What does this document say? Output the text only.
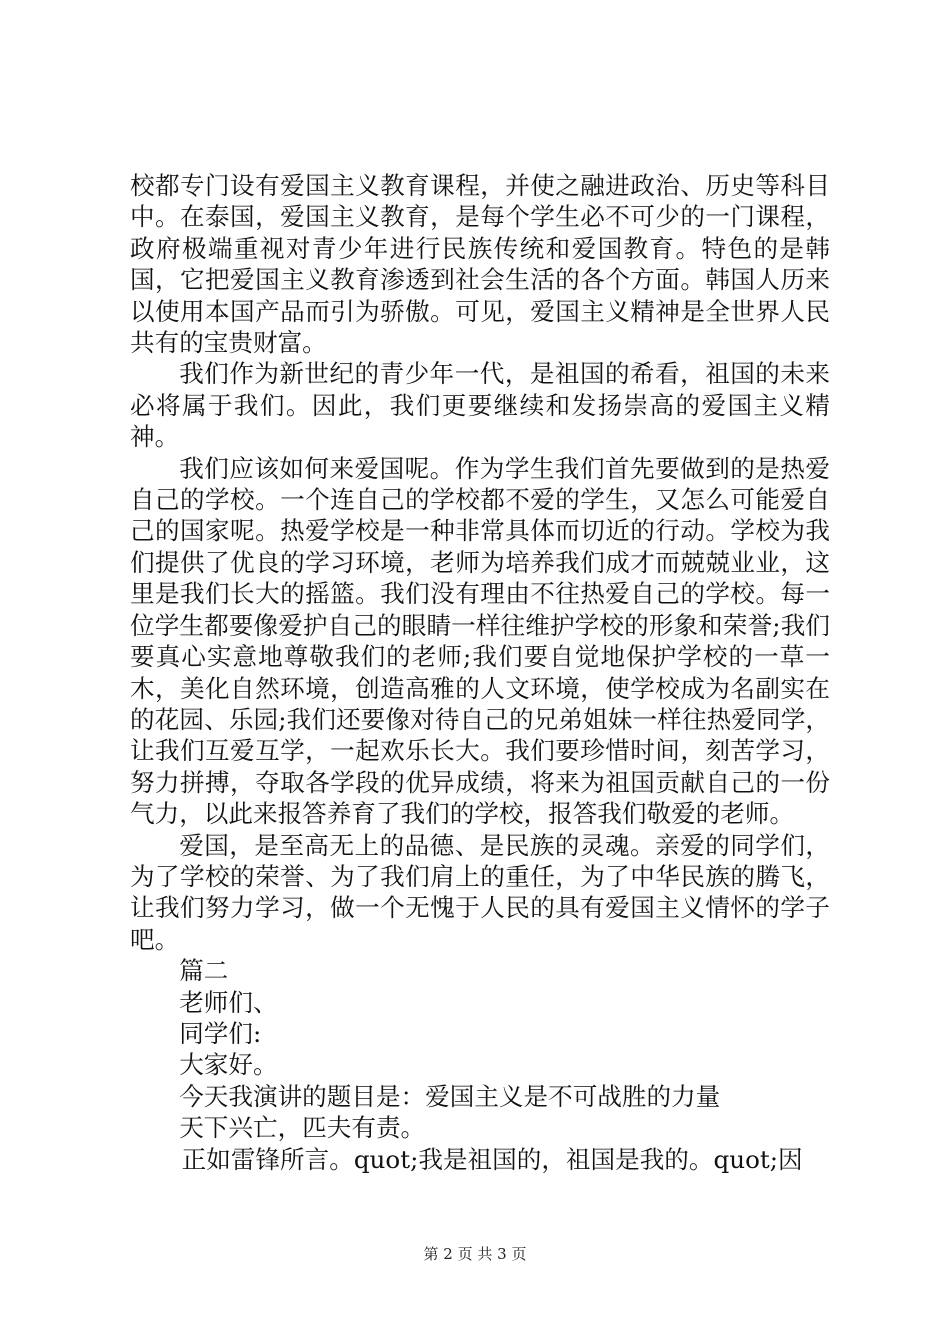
校都专门设有爱国主义教育课程，并使之融进政治、历史等科目中。在泰国，爱国主义教育，是每个学生必不可少的一门课程，政府极端重视对青少年进行民族传统和爱国教育。特色的是韩国，它把爱国主义教育渗透到社会生活的各个方面。韩国人历来以使用本国产品而引为骄傲。可见，爱国主义精神是全世界人民共有的宝贵财富。

我们作为新世纪的青少年一代，是祖国的希看，祖国的未来必将属于我们。因此，我们更要继续和发扬崇高的爱国主义精神。

我们应该如何来爱国呢。作为学生我们首先要做到的是热爱自己的学校。一个连自己的学校都不爱的学生，又怎么可能爱自己的国家呢。热爱学校是一种非常具体而切近的行动。学校为我们提供了优良的学习环境，老师为培养我们成才而兢兢业业，这里是我们长大的摇篮。我们没有理由不往热爱自己的学校。每一位学生都要像爱护自己的眼睛一样往维护学校的形象和荣誉;我们要真心实意地尊敬我们的老师;我们要自觉地保护学校的一草一木，美化自然环境，创造高雅的人文环境，使学校成为名副实在的花园、乐园;我们还要像对待自己的兄弟姐妹一样往热爱同学，让我们互爱互学，一起欢乐长大。我们要珍惜时间，刻苦学习，努力拼搏，夺取各学段的优异成绩，将来为祖国贡献自己的一份气力，以此来报答养育了我们的学校，报答我们敬爱的老师。

爱国，是至高无上的品德、是民族的灵魂。亲爱的同学们，为了学校的荣誉、为了我们肩上的重任，为了中华民族的腾飞，让我们努力学习，做一个无愧于人民的具有爱国主义情怀的学子吧。

篇二

老师们、

同学们:

大家好。

今天我演讲的题目是：爱国主义是不可战胜的力量

天下兴亡，匹夫有责。

正如雷锋所言。quot;我是祖国的，祖国是我的。quot;因

第 2 页 共 3 页
